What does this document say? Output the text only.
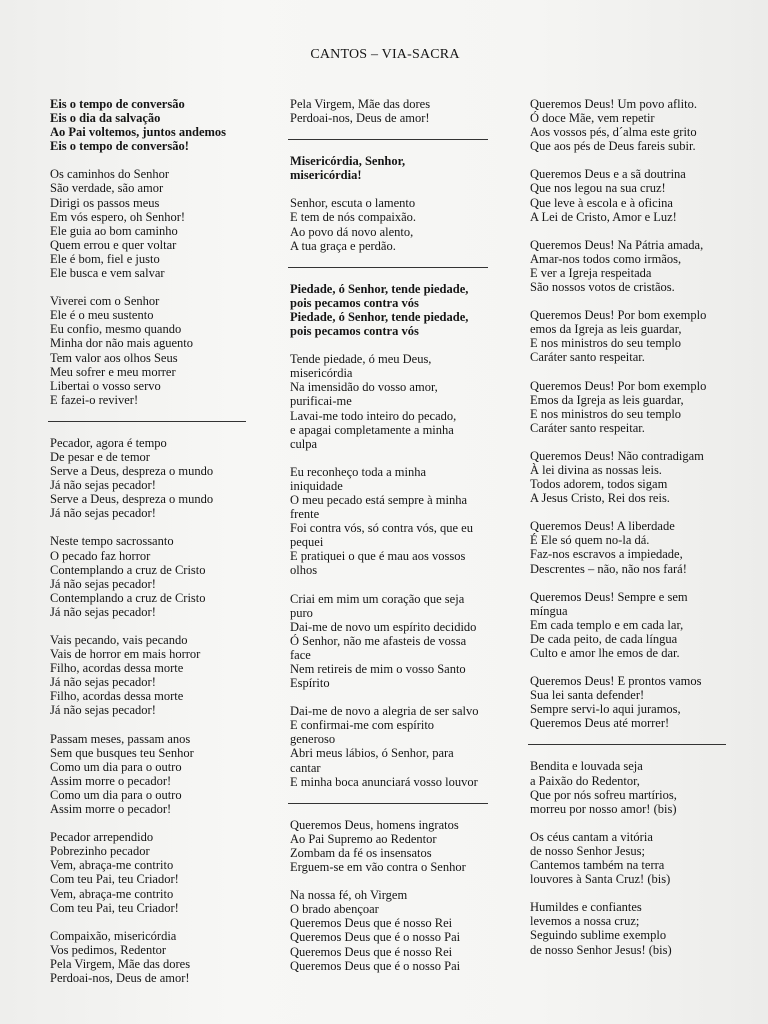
CANTOS – VIA-SACRA
Eis o tempo de conversão
Eis o dia da salvação
Ao Pai voltemos, juntos andemos
Eis o tempo de conversão!
Os caminhos do Senhor
São verdade, são amor
Dirigi os passos meus
Em vós espero, oh Senhor!
Ele guia ao bom caminho
Quem errou e quer voltar
Ele é bom, fiel e justo
Ele busca e vem salvar
Viverei com o Senhor
Ele é o meu sustento
Eu confio, mesmo quando
Minha dor não mais aguento
Tem valor aos olhos Seus
Meu sofrer e meu morrer
Libertai o vosso servo
E fazei-o reviver!
Pecador, agora é tempo
De pesar e de temor
Serve a Deus, despreza o mundo
Já não sejas pecador!
Serve a Deus, despreza o mundo
Já não sejas pecador!
Neste tempo sacrossanto
O pecado faz horror
Contemplando a cruz de Cristo
Já não sejas pecador!
Contemplando a cruz de Cristo
Já não sejas pecador!
Vais pecando, vais pecando
Vais de horror em mais horror
Filho, acordas dessa morte
Já não sejas pecador!
Filho, acordas dessa morte
Já não sejas pecador!
Passam meses, passam anos
Sem que busques teu Senhor
Como um dia para o outro
Assim morre o pecador!
Como um dia para o outro
Assim morre o pecador!
Pecador arrependido
Pobrezinho pecador
Vem, abraça-me contrito
Com teu Pai, teu Criador!
Vem, abraça-me contrito
Com teu Pai, teu Criador!
Compaixão, misericórdia
Vos pedimos, Redentor
Pela Virgem, Mãe das dores
Perdoai-nos, Deus de amor!
Pela Virgem, Mãe das dores
Perdoai-nos, Deus de amor!
Misericórdia, Senhor,
misericórdia!
Senhor, escuta o lamento
E tem de nós compaixão.
Ao povo dá novo alento,
A tua graça e perdão.
Piedade, ó Senhor, tende piedade,
pois pecamos contra vós
Piedade, ó Senhor, tende piedade,
pois pecamos contra vós
Tende piedade, ó meu Deus,
misericórdia
Na imensidão do vosso amor,
purificai-me
Lavai-me todo inteiro do pecado,
e apagai completamente a minha
culpa
Eu reconheço toda a minha
iniquidade
O meu pecado está sempre à minha
frente
Foi contra vós, só contra vós, que eu
pequei
E pratiquei o que é mau aos vossos
olhos
Criai em mim um coração que seja
puro
Dai-me de novo um espírito decidido
Ó Senhor, não me afasteis de vossa
face
Nem retireis de mim o vosso Santo
Espírito
Dai-me de novo a alegria de ser salvo
E confirmai-me com espírito
generoso
Abri meus lábios, ó Senhor, para
cantar
E minha boca anunciará vosso louvor
Queremos Deus, homens ingratos
Ao Pai Supremo ao Redentor
Zombam da fé os insensatos
Erguem-se em vão contra o Senhor
Na nossa fé, oh Virgem
O brado abençoar
Queremos Deus que é nosso Rei
Queremos Deus que é o nosso Pai
Queremos Deus que é nosso Rei
Queremos Deus que é o nosso Pai
Queremos Deus! Um povo aflito.
Ó doce Mãe, vem repetir
Aos vossos pés, d´alma este grito
Que aos pés de Deus fareis subir.
Queremos Deus e a sã doutrina
Que nos legou na sua cruz!
Que leve à escola e à oficina
A Lei de Cristo, Amor e Luz!
Queremos Deus! Na Pátria amada,
Amar-nos todos como irmãos,
E ver a Igreja respeitada
São nossos votos de cristãos.
Queremos Deus! Por bom exemplo
emos da Igreja as leis guardar,
E nos ministros do seu templo
Caráter santo respeitar.
Queremos Deus! Por bom exemplo
Emos da Igreja as leis guardar,
E nos ministros do seu templo
Caráter santo respeitar.
Queremos Deus! Não contradigam
À lei divina as nossas leis.
Todos adorem, todos sigam
A Jesus Cristo, Rei dos reis.
Queremos Deus! A liberdade
É Ele só quem no-la dá.
Faz-nos escravos a impiedade,
Descrentes – não, não nos fará!
Queremos Deus! Sempre e sem
míngua
Em cada templo e em cada lar,
De cada peito, de cada língua
Culto e amor lhe emos de dar.
Queremos Deus! E prontos vamos
Sua lei santa defender!
Sempre servi-lo aqui juramos,
Queremos Deus até morrer!
Bendita e louvada seja
a Paixão do Redentor,
Que por nós sofreu martírios,
morreu por nosso amor! (bis)
Os céus cantam a vitória
de nosso Senhor Jesus;
Cantemos também na terra
louvores à Santa Cruz! (bis)
Humildes e confiantes
levemos a nossa cruz;
Seguindo sublime exemplo
de nosso Senhor Jesus! (bis)
